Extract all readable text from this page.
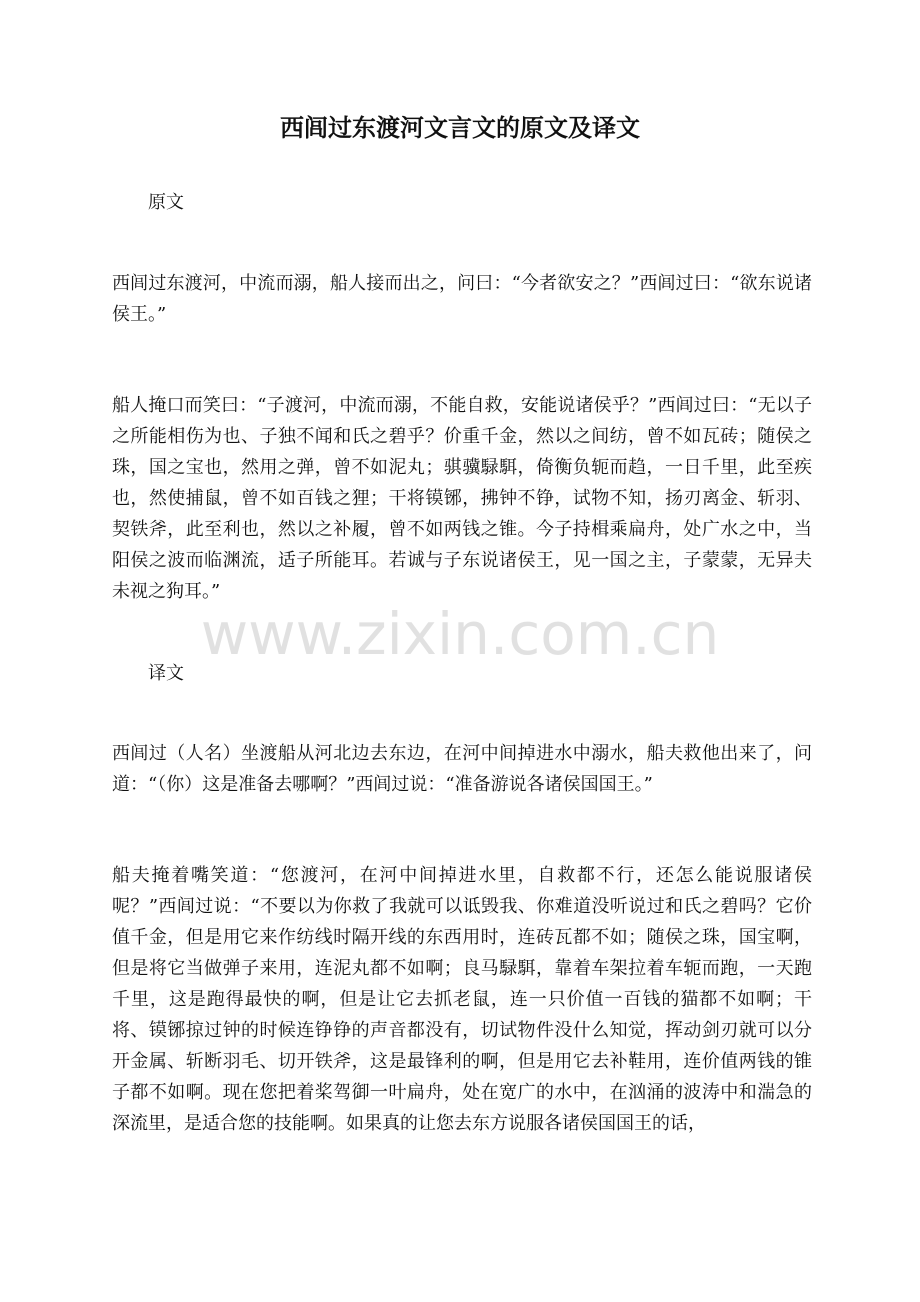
西闾过东渡河文言文的原文及译文
原文
西闾过东渡河，中流而溺，船人接而出之，问曰：“今者欲安之？”西闾过曰：“欲东说诸侯王。”
船人掩口而笑曰：“子渡河，中流而溺，不能自救，安能说诸侯乎？”西闾过曰：“无以子之所能相伤为也、子独不闻和氏之碧乎？价重千金，然以之间纺，曾不如瓦砖；随侯之珠，国之宝也，然用之弹，曾不如泥丸；骐骥騄駬，倚衡负轭而趋，一日千里，此至疾也，然使捕鼠，曾不如百钱之狸；干将镆铘，拂钟不铮，试物不知，扬刃离金、斩羽、契铁斧，此至利也，然以之补履，曾不如两钱之锥。今子持楫乘扁舟，处广水之中，当阳侯之波而临渊流，适子所能耳。若诚与子东说诸侯王，见一国之主，子蒙蒙，无异夫未视之狗耳。”
译文
西闾过（人名）坐渡船从河北边去东边，在河中间掉进水中溺水，船夫救他出来了，问道：“（你）这是准备去哪啊？”西闾过说：“准备游说各诸侯国国王。”
船夫掩着嘴笑道：“您渡河，在河中间掉进水里，自救都不行，还怎么能说服诸侯呢？”西闾过说：“不要以为你救了我就可以诋毁我、你难道没听说过和氏之碧吗？它价值千金，但是用它来作纺线时隔开线的东西用时，连砖瓦都不如；随侯之珠，国宝啊，但是将它当做弹子来用，连泥丸都不如啊；良马騄駬，靠着车架拉着车轭而跑，一天跑千里，这是跑得最快的啊，但是让它去抓老鼠，连一只价值一百钱的猫都不如啊；干将、镆铘掠过钟的时候连铮铮的声音都没有，切试物件没什么知觉，挥动剑刃就可以分开金属、斩断羽毛、切开铁斧，这是最锋利的啊，但是用它去补鞋用，连价值两钱的锥子都不如啊。现在您把着桨驾御一叶扁舟，处在宽广的水中，在汹涌的波涛中和湍急的深流里，是适合您的技能啊。如果真的让您去东方说服各诸侯国国王的话，
www.zixin.com.cn
